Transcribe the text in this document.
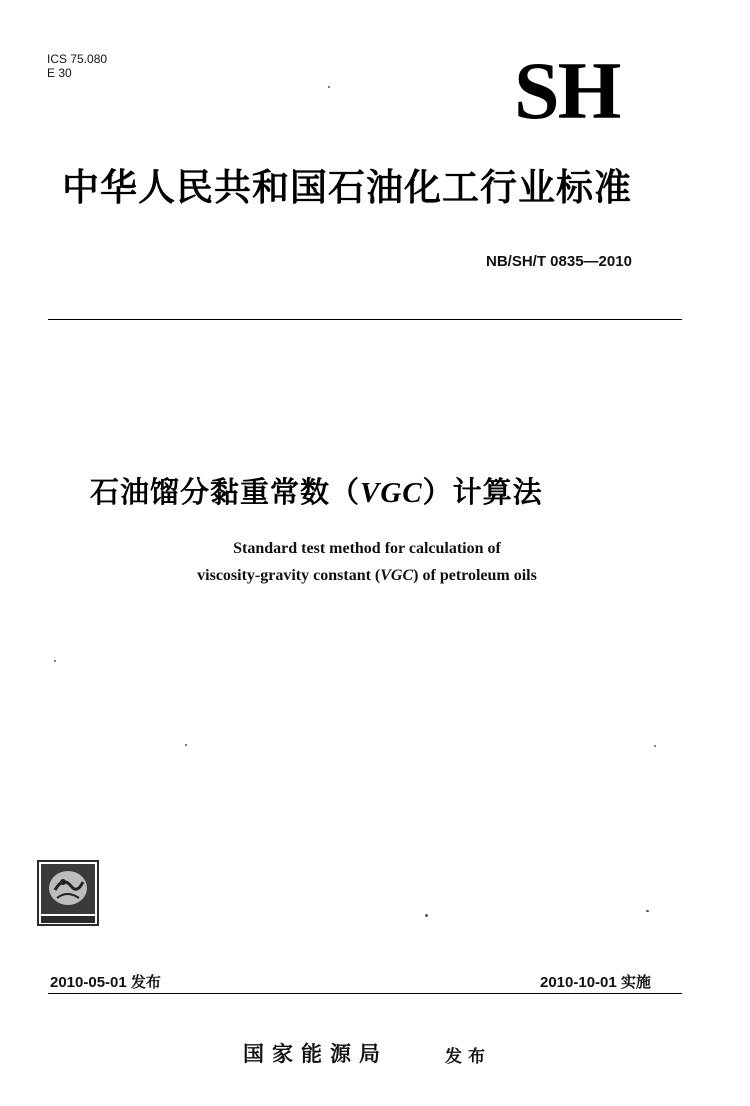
ICS 75.080
E 30	SH
中华人民共和国石油化工行业标准
NB/SH/T 0835—2010
石油馏分黏重常数（VGC）计算法
Standard test method for calculation of
viscosity-gravity constant (VGC) of petroleum oils
2010-05-01 发布	2010-10-01 实施
国家能源局	发布
